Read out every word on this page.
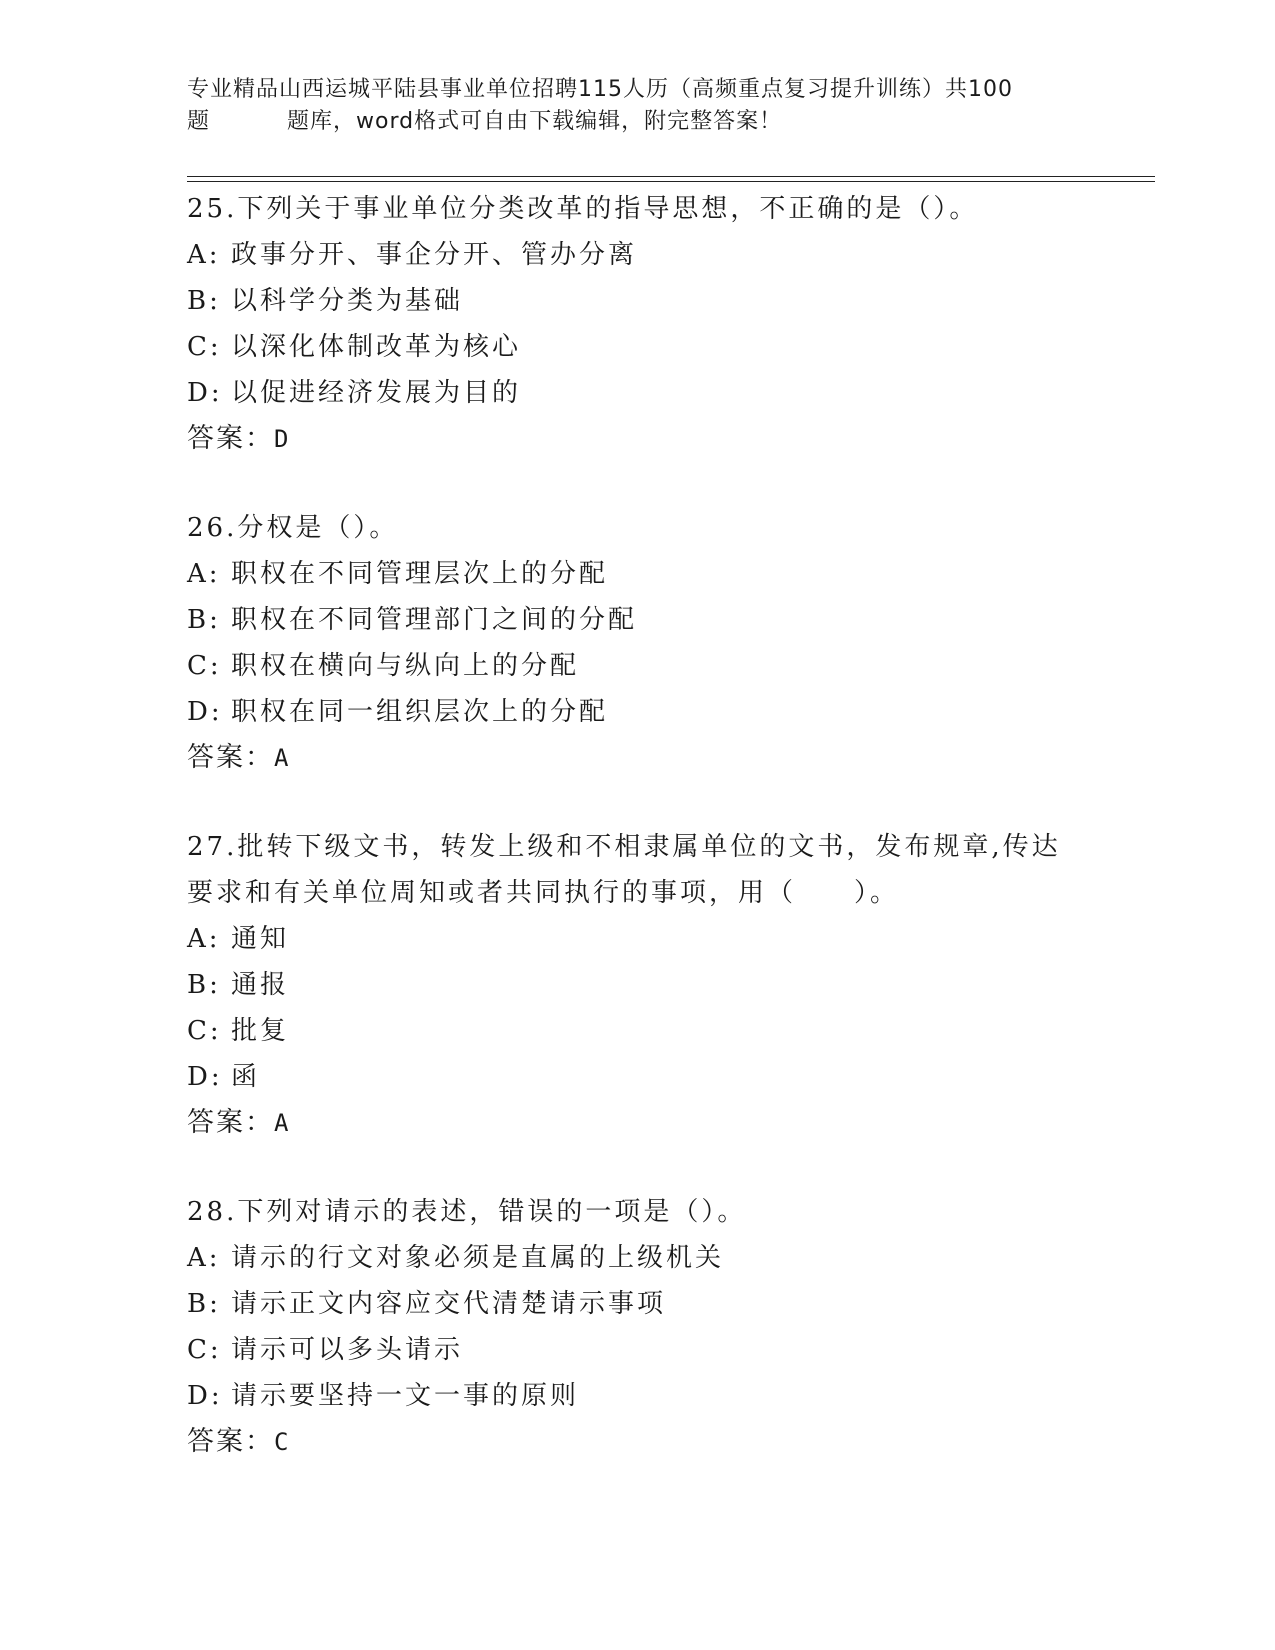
专业精品山西运城平陆县事业单位招聘115人历（高频重点复习提升训练）共100
题	题库，word格式可自由下载编辑，附完整答案！
25.下列关于事业单位分类改革的指导思想，不正确的是（）。
A: 政事分开、事企分开、管办分离
B: 以科学分类为基础
C: 以深化体制改革为核心
D: 以促进经济发展为目的
答案：D
26.分权是（）。
A: 职权在不同管理层次上的分配
B: 职权在不同管理部门之间的分配
C: 职权在横向与纵向上的分配
D: 职权在同一组织层次上的分配
答案：A
27.批转下级文书，转发上级和不相隶属单位的文书，发布规章,传达
要求和有关单位周知或者共同执行的事项，用（　　）。
A: 通知
B: 通报
C: 批复
D: 函
答案：A
28.下列对请示的表述，错误的一项是（）。
A: 请示的行文对象必须是直属的上级机关
B: 请示正文内容应交代清楚请示事项
C: 请示可以多头请示
D: 请示要坚持一文一事的原则
答案：C
